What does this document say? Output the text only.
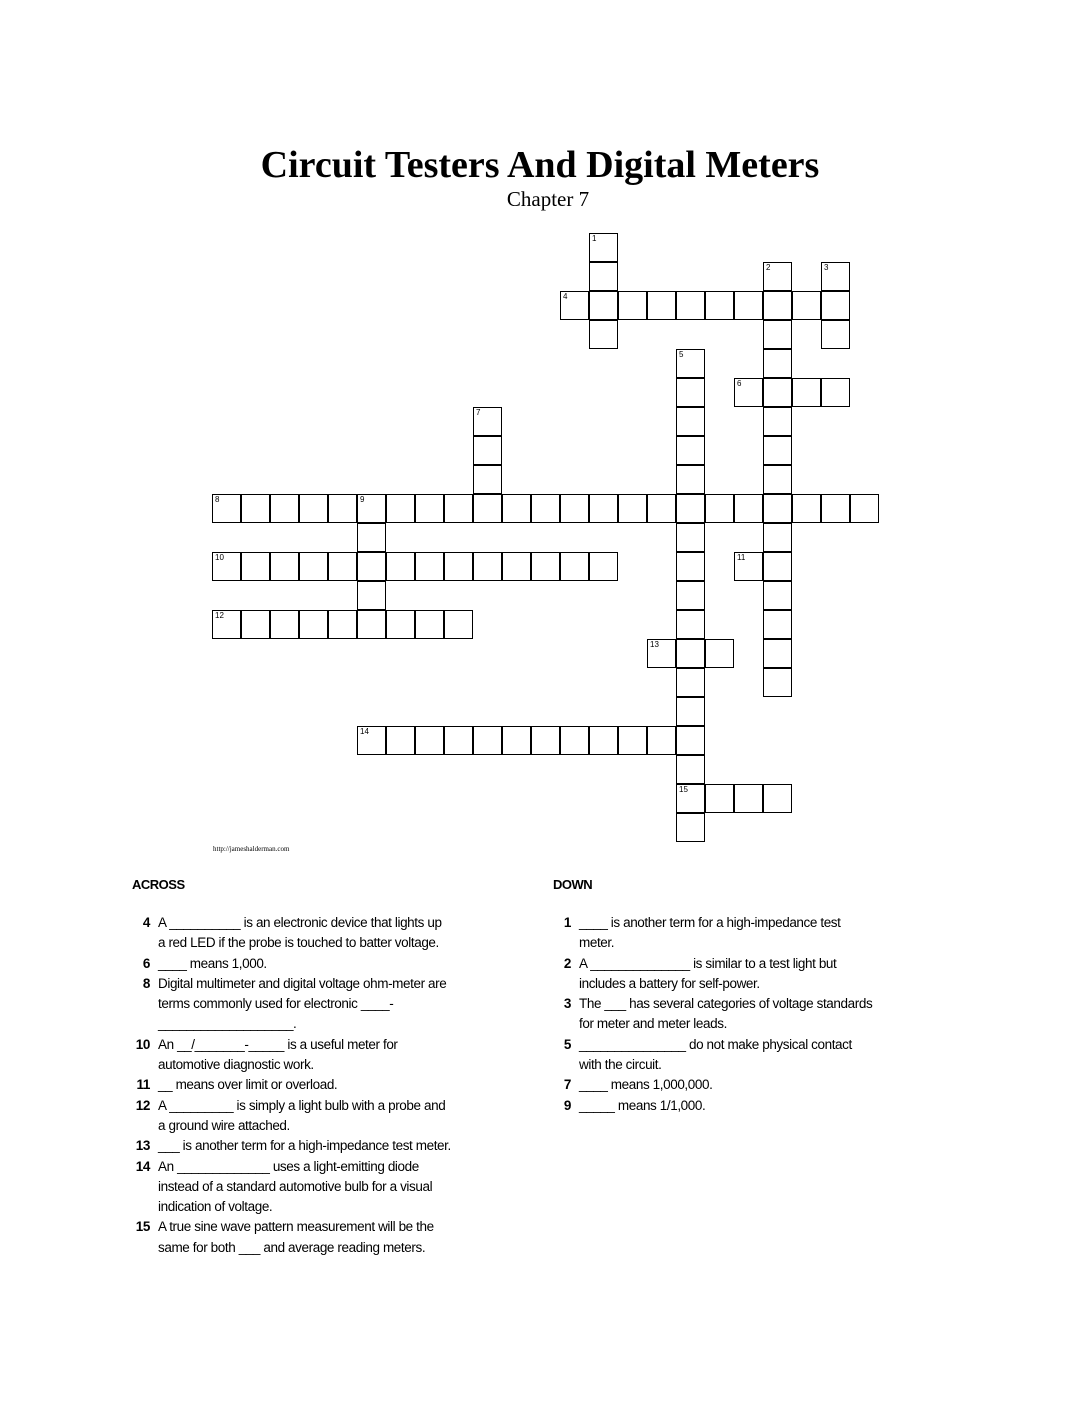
Circuit Testers And Digital Meters
Chapter 7
1
2	3
4
5
15
6
7
8	9
10	11
12
13
14
http://jameshalderman.com
ACROSS	DOWN
4 A __________ is an electronic device that lights up
a red LED if the probe is touched to batter voltage.
6 ____ means 1,000.
8 Digital multimeter and digital voltage ohm-meter are
terms commonly used for electronic ____-
___________________.
10 An __/_______-_____ is a useful meter for
automotive diagnostic work.
11 __ means over limit or overload.
12 A _________ is simply a light bulb with a probe and
a ground wire attached.
13 ___ is another term for a high-impedance test meter.
14 An _____________ uses a light-emitting diode
instead of a standard automotive bulb for a visual
indication of voltage.
15 A true sine wave pattern measurement will be the
same for both ___ and average reading meters.
1 ____ is another term for a high-impedance test
meter.
2 A ______________ is similar to a test light but
includes a battery for self-power.
3 The ___ has several categories of voltage standards
for meter and meter leads.
5 _______________ do not make physical contact
with the circuit.
7 ____ means 1,000,000.
9 _____ means 1/1,000.
